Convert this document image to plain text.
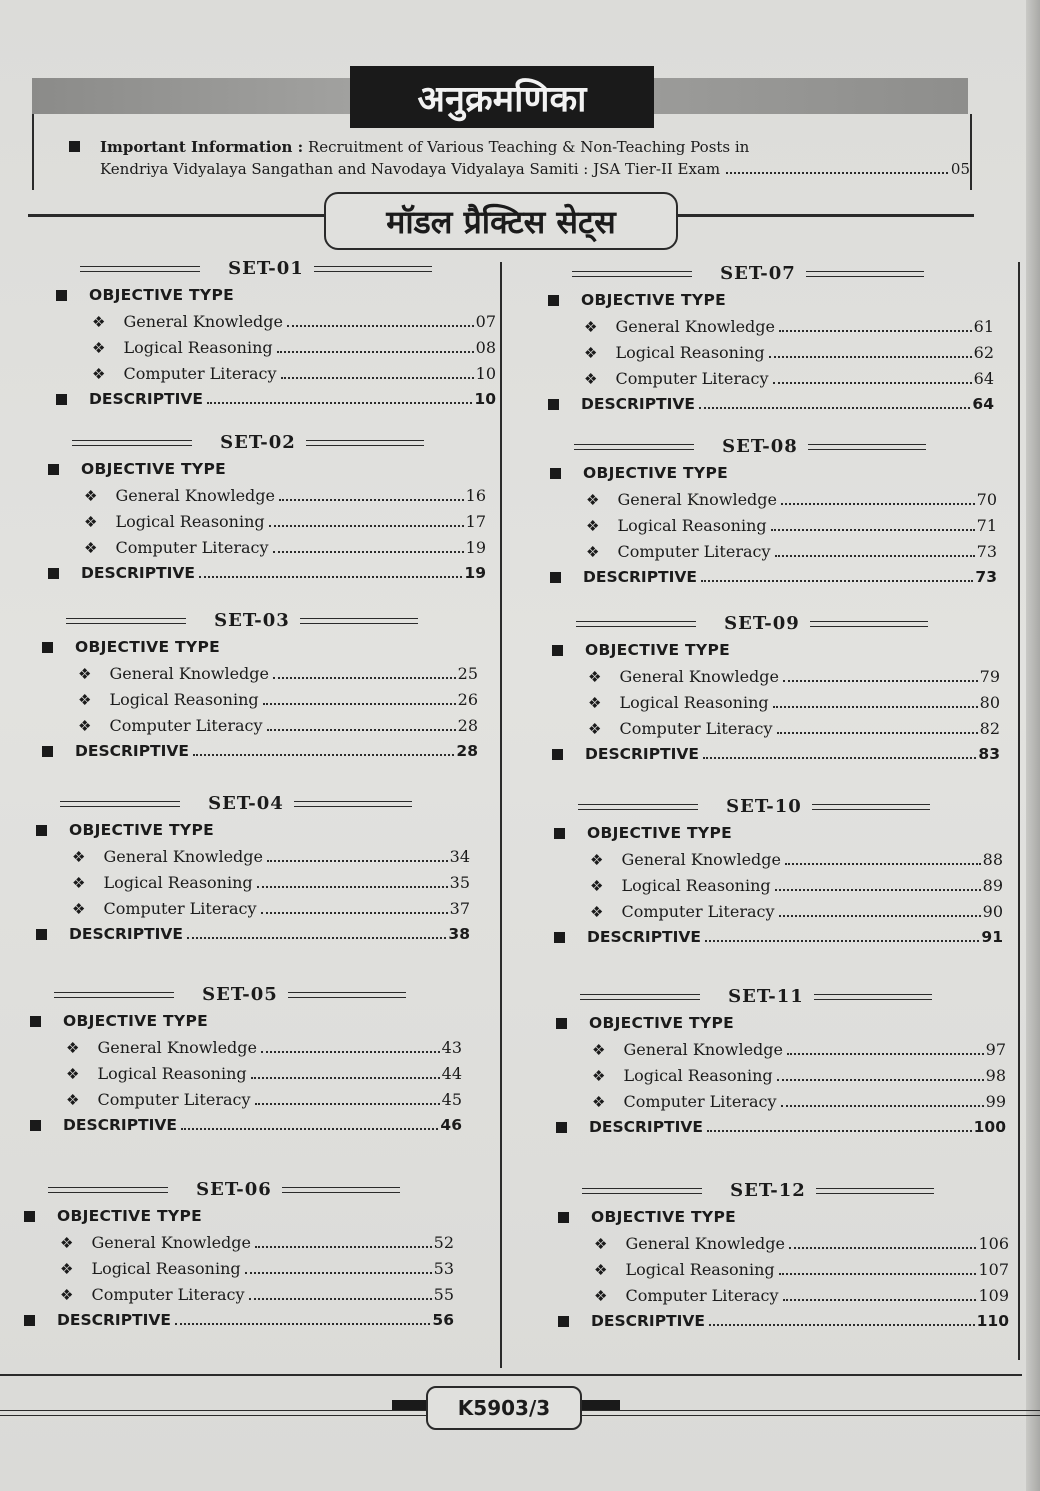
अनुक्रमणिका
Important Information : Recruitment of Various Teaching & Non-Teaching Posts in
Kendriya Vidyalaya Sangathan and Navodaya Vidyalaya Samiti : JSA Tier-II Exam	05
मॉडल प्रैक्टिस सेट्स
SET-01
OBJECTIVE TYPE
❖ General Knowledge	07
❖ Logical Reasoning	08
❖ Computer Literacy	10
DESCRIPTIVE	10
SET-02
OBJECTIVE TYPE
❖ General Knowledge	16
❖ Logical Reasoning	17
❖ Computer Literacy	19
DESCRIPTIVE	19
SET-03
OBJECTIVE TYPE
❖ General Knowledge	25
❖ Logical Reasoning	26
❖ Computer Literacy	28
DESCRIPTIVE	28
SET-04
OBJECTIVE TYPE
❖ General Knowledge	34
❖ Logical Reasoning	35
❖ Computer Literacy	37
DESCRIPTIVE	38
SET-05
OBJECTIVE TYPE
❖ General Knowledge	43
❖ Logical Reasoning	44
❖ Computer Literacy	45
DESCRIPTIVE	46
SET-06
OBJECTIVE TYPE
❖ General Knowledge	52
❖ Logical Reasoning	53
❖ Computer Literacy	55
DESCRIPTIVE	56
SET-07
OBJECTIVE TYPE
❖ General Knowledge	61
❖ Logical Reasoning	62
❖ Computer Literacy	64
DESCRIPTIVE	64
SET-08
OBJECTIVE TYPE
❖ General Knowledge	70
❖ Logical Reasoning	71
❖ Computer Literacy	73
DESCRIPTIVE	73
SET-09
OBJECTIVE TYPE
❖ General Knowledge	79
❖ Logical Reasoning	80
❖ Computer Literacy	82
DESCRIPTIVE	83
SET-10
OBJECTIVE TYPE
❖ General Knowledge	88
❖ Logical Reasoning	89
❖ Computer Literacy	90
DESCRIPTIVE	91
SET-11
OBJECTIVE TYPE
❖ General Knowledge	97
❖ Logical Reasoning	98
❖ Computer Literacy	99
DESCRIPTIVE	100
SET-12
OBJECTIVE TYPE
❖ General Knowledge	106
❖ Logical Reasoning	107
❖ Computer Literacy	109
DESCRIPTIVE	110
K5903/3
